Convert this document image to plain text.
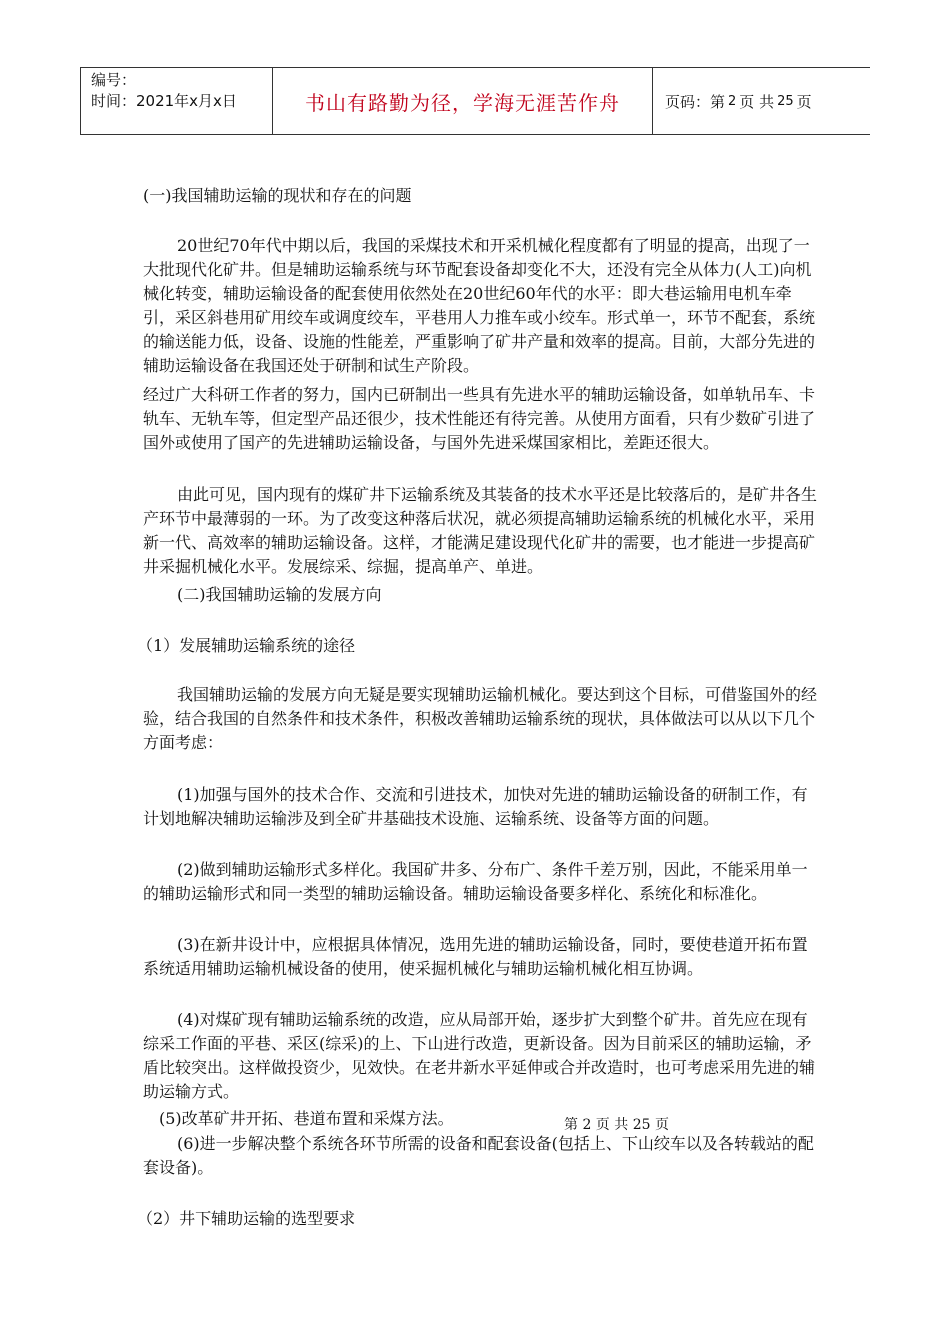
编号：
时间：2021年x月x日	书山有路勤为径，学海无涯苦作舟	页码：第 2 页 共 25 页

(一)我国辅助运输的现状和存在的问题

20世纪70年代中期以后，我国的采煤技术和开采机械化程度都有了明显的提高，出现了一大批现代化矿井。但是辅助运输系统与环节配套设备却变化不大，还没有完全从体力(人工)向机械化转变，辅助运输设备的配套使用依然处在20世纪60年代的水平：即大巷运输用电机车牵引，采区斜巷用矿用绞车或调度绞车，平巷用人力推车或小绞车。形式单一，环节不配套，系统的输送能力低，设备、设施的性能差，严重影响了矿井产量和效率的提高。目前，大部分先进的辅助运输设备在我国还处于研制和试生产阶段。

经过广大科研工作者的努力，国内已研制出一些具有先进水平的辅助运输设备，如单轨吊车、卡轨车、无轨车等，但定型产品还很少，技术性能还有待完善。从使用方面看，只有少数矿引进了国外或使用了国产的先进辅助运输设备，与国外先进采煤国家相比，差距还很大。

由此可见，国内现有的煤矿井下运输系统及其装备的技术水平还是比较落后的，是矿井各生产环节中最薄弱的一环。为了改变这种落后状况，就必须提高辅助运输系统的机械化水平，采用新一代、高效率的辅助运输设备。这样，才能满足建设现代化矿井的需要，也才能进一步提高矿井采掘机械化水平。发展综采、综掘，提高单产、单进。

(二)我国辅助运输的发展方向

（1）发展辅助运输系统的途径

我国辅助运输的发展方向无疑是要实现辅助运输机械化。要达到这个目标，可借鉴国外的经验，结合我国的自然条件和技术条件，积极改善辅助运输系统的现状，具体做法可以从以下几个方面考虑：

(1)加强与国外的技术合作、交流和引进技术，加快对先进的辅助运输设备的研制工作，有计划地解决辅助运输涉及到全矿井基础技术设施、运输系统、设备等方面的问题。

(2)做到辅助运输形式多样化。我国矿井多、分布广、条件千差万别，因此，不能采用单一的辅助运输形式和同一类型的辅助运输设备。辅助运输设备要多样化、系统化和标准化。

(3)在新井设计中，应根据具体情况，选用先进的辅助运输设备，同时，要使巷道开拓布置系统适用辅助运输机械设备的使用，使采掘机械化与辅助运输机械化相互协调。

(4)对煤矿现有辅助运输系统的改造，应从局部开始，逐步扩大到整个矿井。首先应在现有综采工作面的平巷、采区(综采)的上、下山进行改造，更新设备。因为目前采区的辅助运输，矛盾比较突出。这样做投资少，见效快。在老井新水平延伸或合并改造时，也可考虑采用先进的辅助运输方式。

(5)改革矿井开拓、巷道布置和采煤方法。

(6)进一步解决整个系统各环节所需的设备和配套设备(包括上、下山绞车以及各转载站的配套设备)。

（2）井下辅助运输的选型要求

第 2 页 共 25 页
